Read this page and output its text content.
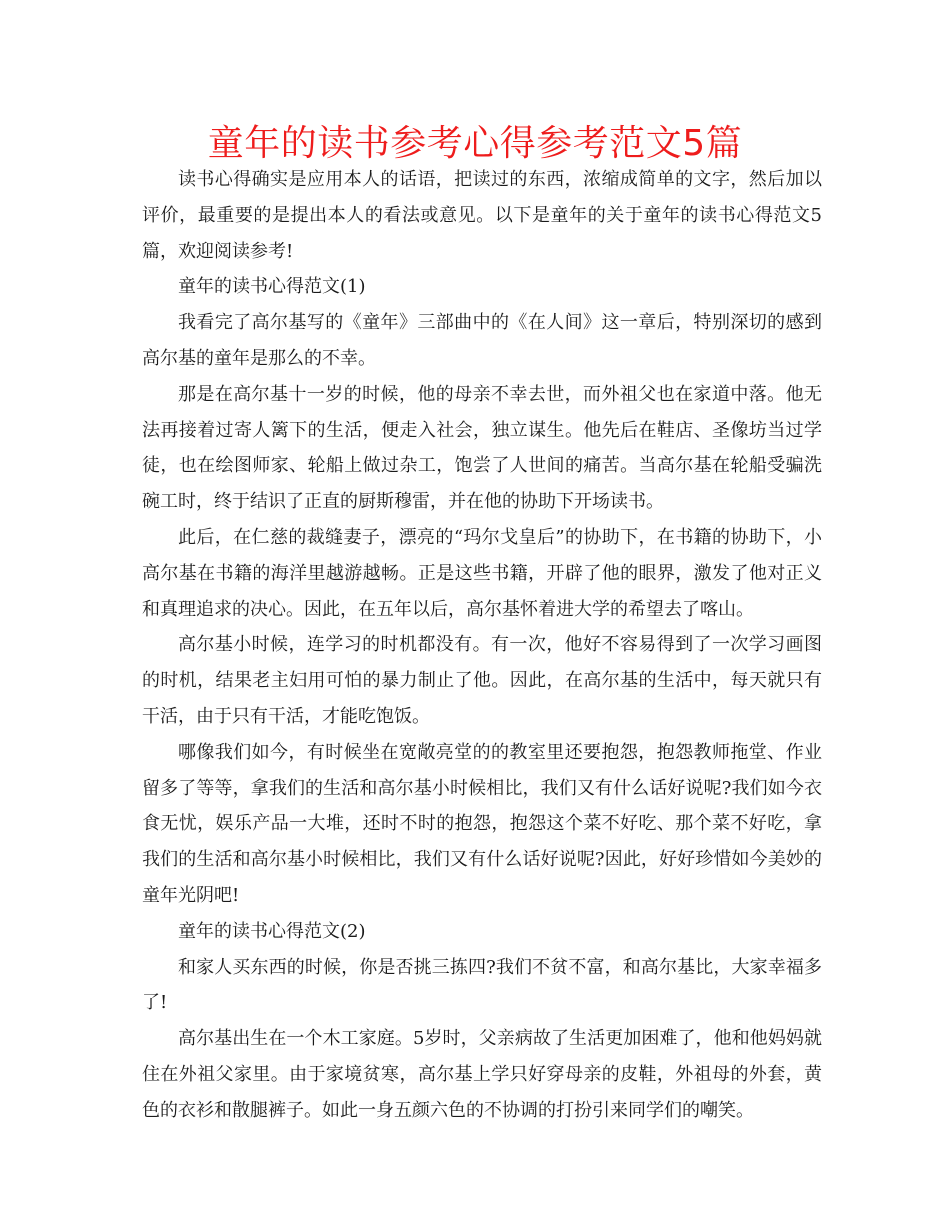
童年的读书参考心得参考范文5篇

读书心得确实是应用本人的话语，把读过的东西，浓缩成简单的文字，然后加以评价，最重要的是提出本人的看法或意见。以下是童年的关于童年的读书心得范文5篇，欢迎阅读参考!

童年的读书心得范文(1)

我看完了高尔基写的《童年》三部曲中的《在人间》这一章后，特别深切的感到高尔基的童年是那么的不幸。

那是在高尔基十一岁的时候，他的母亲不幸去世，而外祖父也在家道中落。他无法再接着过寄人篱下的生活，便走入社会，独立谋生。他先后在鞋店、圣像坊当过学徒，也在绘图师家、轮船上做过杂工，饱尝了人世间的痛苦。当高尔基在轮船受骗洗碗工时，终于结识了正直的厨斯穆雷，并在他的协助下开场读书。

此后，在仁慈的裁缝妻子，漂亮的“玛尔戈皇后”的协助下，在书籍的协助下，小高尔基在书籍的海洋里越游越畅。正是这些书籍，开辟了他的眼界，激发了他对正义和真理追求的决心。因此，在五年以后，高尔基怀着进大学的希望去了喀山。

高尔基小时候，连学习的时机都没有。有一次，他好不容易得到了一次学习画图的时机，结果老主妇用可怕的暴力制止了他。因此，在高尔基的生活中，每天就只有干活，由于只有干活，才能吃饱饭。

哪像我们如今，有时候坐在宽敞亮堂的的教室里还要抱怨，抱怨教师拖堂、作业留多了等等，拿我们的生活和高尔基小时候相比，我们又有什么话好说呢?我们如今衣食无忧，娱乐产品一大堆，还时不时的抱怨，抱怨这个菜不好吃、那个菜不好吃，拿我们的生活和高尔基小时候相比，我们又有什么话好说呢?因此，好好珍惜如今美妙的童年光阴吧!

童年的读书心得范文(2)

和家人买东西的时候，你是否挑三拣四?我们不贫不富，和高尔基比，大家幸福多了!

高尔基出生在一个木工家庭。5岁时，父亲病故了生活更加困难了，他和他妈妈就住在外祖父家里。由于家境贫寒，高尔基上学只好穿母亲的皮鞋，外祖母的外套，黄色的衣衫和散腿裤子。如此一身五颜六色的不协调的打扮引来同学们的嘲笑。
